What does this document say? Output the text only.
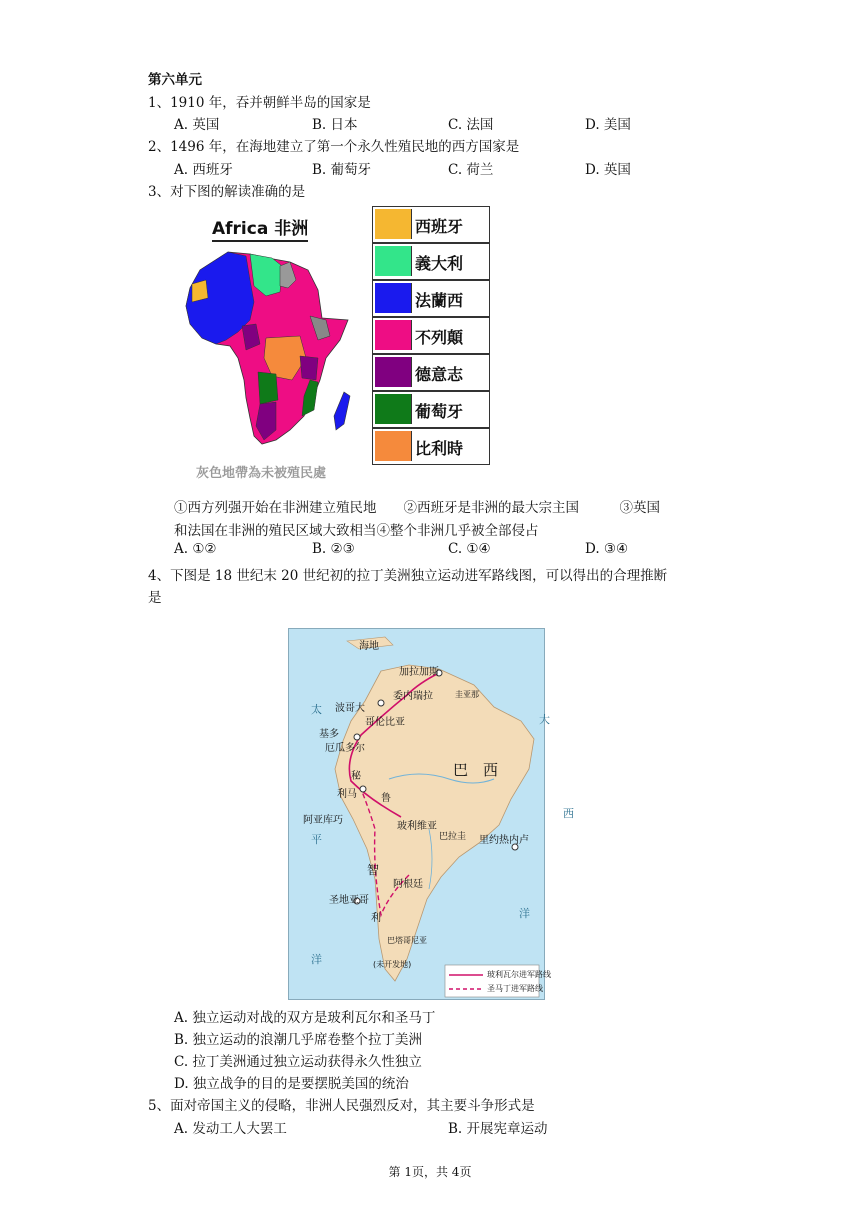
第六单元
1、1910 年，吞并朝鲜半岛的国家是
A. 英国	B. 日本	C. 法国	D. 美国
2、1496 年，在海地建立了第一个永久性殖民地的西方国家是
A. 西班牙	B. 葡萄牙	C. 荷兰	D. 英国
3、对下图的解读准确的是
Africa 非洲
灰色地帶為未被殖民處
西班牙
義大利
法蘭西
不列顛
德意志
葡萄牙
比利時
①西方列强开始在非洲建立殖民地　　②西班牙是非洲的最大宗主国　　　③英国
和法国在非洲的殖民区域大致相当④整个非洲几乎被全部侵占
A. ①②	B. ②③	C. ①④	D. ③④
4、下图是 18 世纪末 20 世纪初的拉丁美洲独立运动进军路线图，可以得出的合理推断
是
海地
加拉加斯
委内瑞拉
波哥大
哥伦比亚
基多
厄瓜多尔
秘
鲁
利马
玻利维亚
阿亚库巧
巴　西
里约热内卢
巴拉圭
阿根廷
智
利
圣地亚哥
巴塔哥尼亚
(未开发地)
圭亚那
太
平
洋
大
西
洋
玻利瓦尔进军路线
圣马丁进军路线
A. 独立运动对战的双方是玻利瓦尔和圣马丁
B. 独立运动的浪潮几乎席卷整个拉丁美洲
C. 拉丁美洲通过独立运动获得永久性独立
D. 独立战争的目的是要摆脱美国的统治
5、面对帝国主义的侵略，非洲人民强烈反对，其主要斗争形式是
A. 发动工人大罢工	B. 开展宪章运动
第 1页，共 4页
